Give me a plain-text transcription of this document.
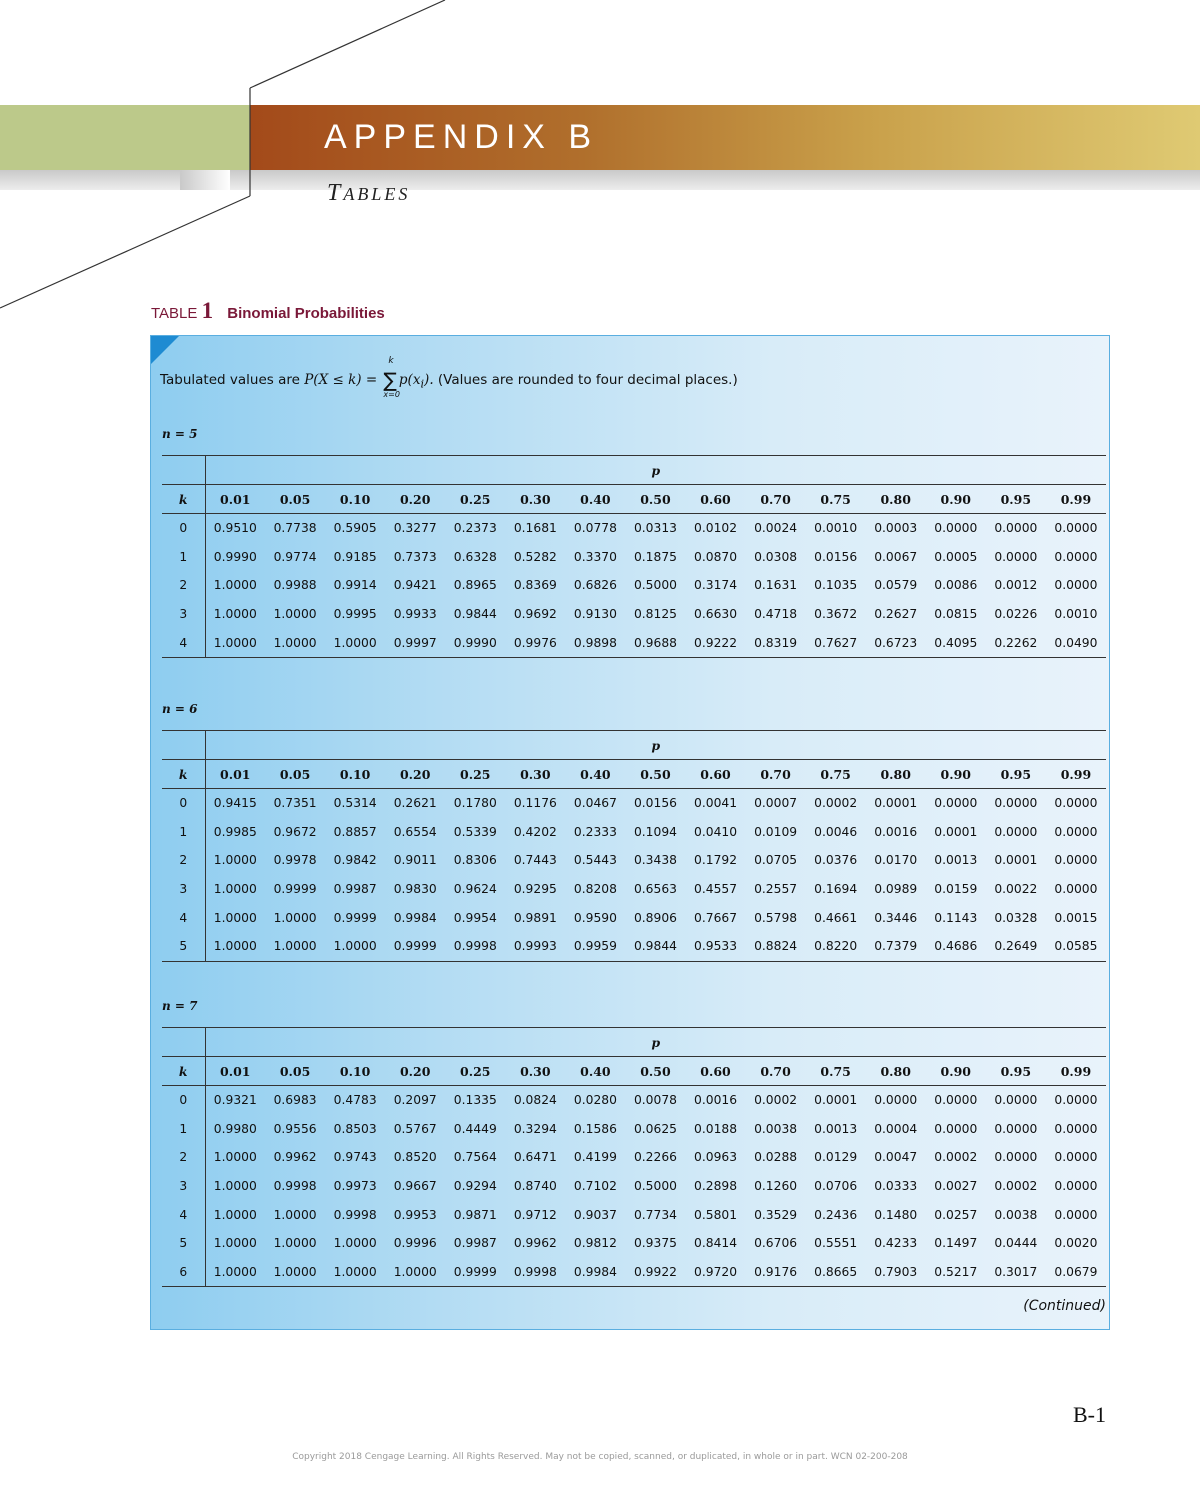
APPENDIX B
TABLES
TABLE 1 Binomial Probabilities
Tabulated values are P(X ≤ k) = ∑
k
x=0
$p(x_i)$. (Values are rounded to four decimal places.)
n = 5
	p														
k	0.01	0.05	0.10	0.20	0.25	0.30	0.40	0.50	0.60	0.70	0.75	0.80	0.90	0.95	0.99
0	0.9510	0.7738	0.5905	0.3277	0.2373	0.1681	0.0778	0.0313	0.0102	0.0024	0.0010	0.0003	0.0000	0.0000	0.0000
1	0.9990	0.9774	0.9185	0.7373	0.6328	0.5282	0.3370	0.1875	0.0870	0.0308	0.0156	0.0067	0.0005	0.0000	0.0000
2	1.0000	0.9988	0.9914	0.9421	0.8965	0.8369	0.6826	0.5000	0.3174	0.1631	0.1035	0.0579	0.0086	0.0012	0.0000
3	1.0000	1.0000	0.9995	0.9933	0.9844	0.9692	0.9130	0.8125	0.6630	0.4718	0.3672	0.2627	0.0815	0.0226	0.0010
4	1.0000	1.0000	1.0000	0.9997	0.9990	0.9976	0.9898	0.9688	0.9222	0.8319	0.7627	0.6723	0.4095	0.2262	0.0490
n = 6
	p														
k	0.01	0.05	0.10	0.20	0.25	0.30	0.40	0.50	0.60	0.70	0.75	0.80	0.90	0.95	0.99
0	0.9415	0.7351	0.5314	0.2621	0.1780	0.1176	0.0467	0.0156	0.0041	0.0007	0.0002	0.0001	0.0000	0.0000	0.0000
1	0.9985	0.9672	0.8857	0.6554	0.5339	0.4202	0.2333	0.1094	0.0410	0.0109	0.0046	0.0016	0.0001	0.0000	0.0000
2	1.0000	0.9978	0.9842	0.9011	0.8306	0.7443	0.5443	0.3438	0.1792	0.0705	0.0376	0.0170	0.0013	0.0001	0.0000
3	1.0000	0.9999	0.9987	0.9830	0.9624	0.9295	0.8208	0.6563	0.4557	0.2557	0.1694	0.0989	0.0159	0.0022	0.0000
4	1.0000	1.0000	0.9999	0.9984	0.9954	0.9891	0.9590	0.8906	0.7667	0.5798	0.4661	0.3446	0.1143	0.0328	0.0015
5	1.0000	1.0000	1.0000	0.9999	0.9998	0.9993	0.9959	0.9844	0.9533	0.8824	0.8220	0.7379	0.4686	0.2649	0.0585
n = 7
	p														
k	0.01	0.05	0.10	0.20	0.25	0.30	0.40	0.50	0.60	0.70	0.75	0.80	0.90	0.95	0.99
0	0.9321	0.6983	0.4783	0.2097	0.1335	0.0824	0.0280	0.0078	0.0016	0.0002	0.0001	0.0000	0.0000	0.0000	0.0000
1	0.9980	0.9556	0.8503	0.5767	0.4449	0.3294	0.1586	0.0625	0.0188	0.0038	0.0013	0.0004	0.0000	0.0000	0.0000
2	1.0000	0.9962	0.9743	0.8520	0.7564	0.6471	0.4199	0.2266	0.0963	0.0288	0.0129	0.0047	0.0002	0.0000	0.0000
3	1.0000	0.9998	0.9973	0.9667	0.9294	0.8740	0.7102	0.5000	0.2898	0.1260	0.0706	0.0333	0.0027	0.0002	0.0000
4	1.0000	1.0000	0.9998	0.9953	0.9871	0.9712	0.9037	0.7734	0.5801	0.3529	0.2436	0.1480	0.0257	0.0038	0.0000
5	1.0000	1.0000	1.0000	0.9996	0.9987	0.9962	0.9812	0.9375	0.8414	0.6706	0.5551	0.4233	0.1497	0.0444	0.0020
6	1.0000	1.0000	1.0000	1.0000	0.9999	0.9998	0.9984	0.9922	0.9720	0.9176	0.8665	0.7903	0.5217	0.3017	0.0679
(Continued)
B-1
Copyright 2018 Cengage Learning. All Rights Reserved. May not be copied, scanned, or duplicated, in whole or in part. WCN 02-200-208
